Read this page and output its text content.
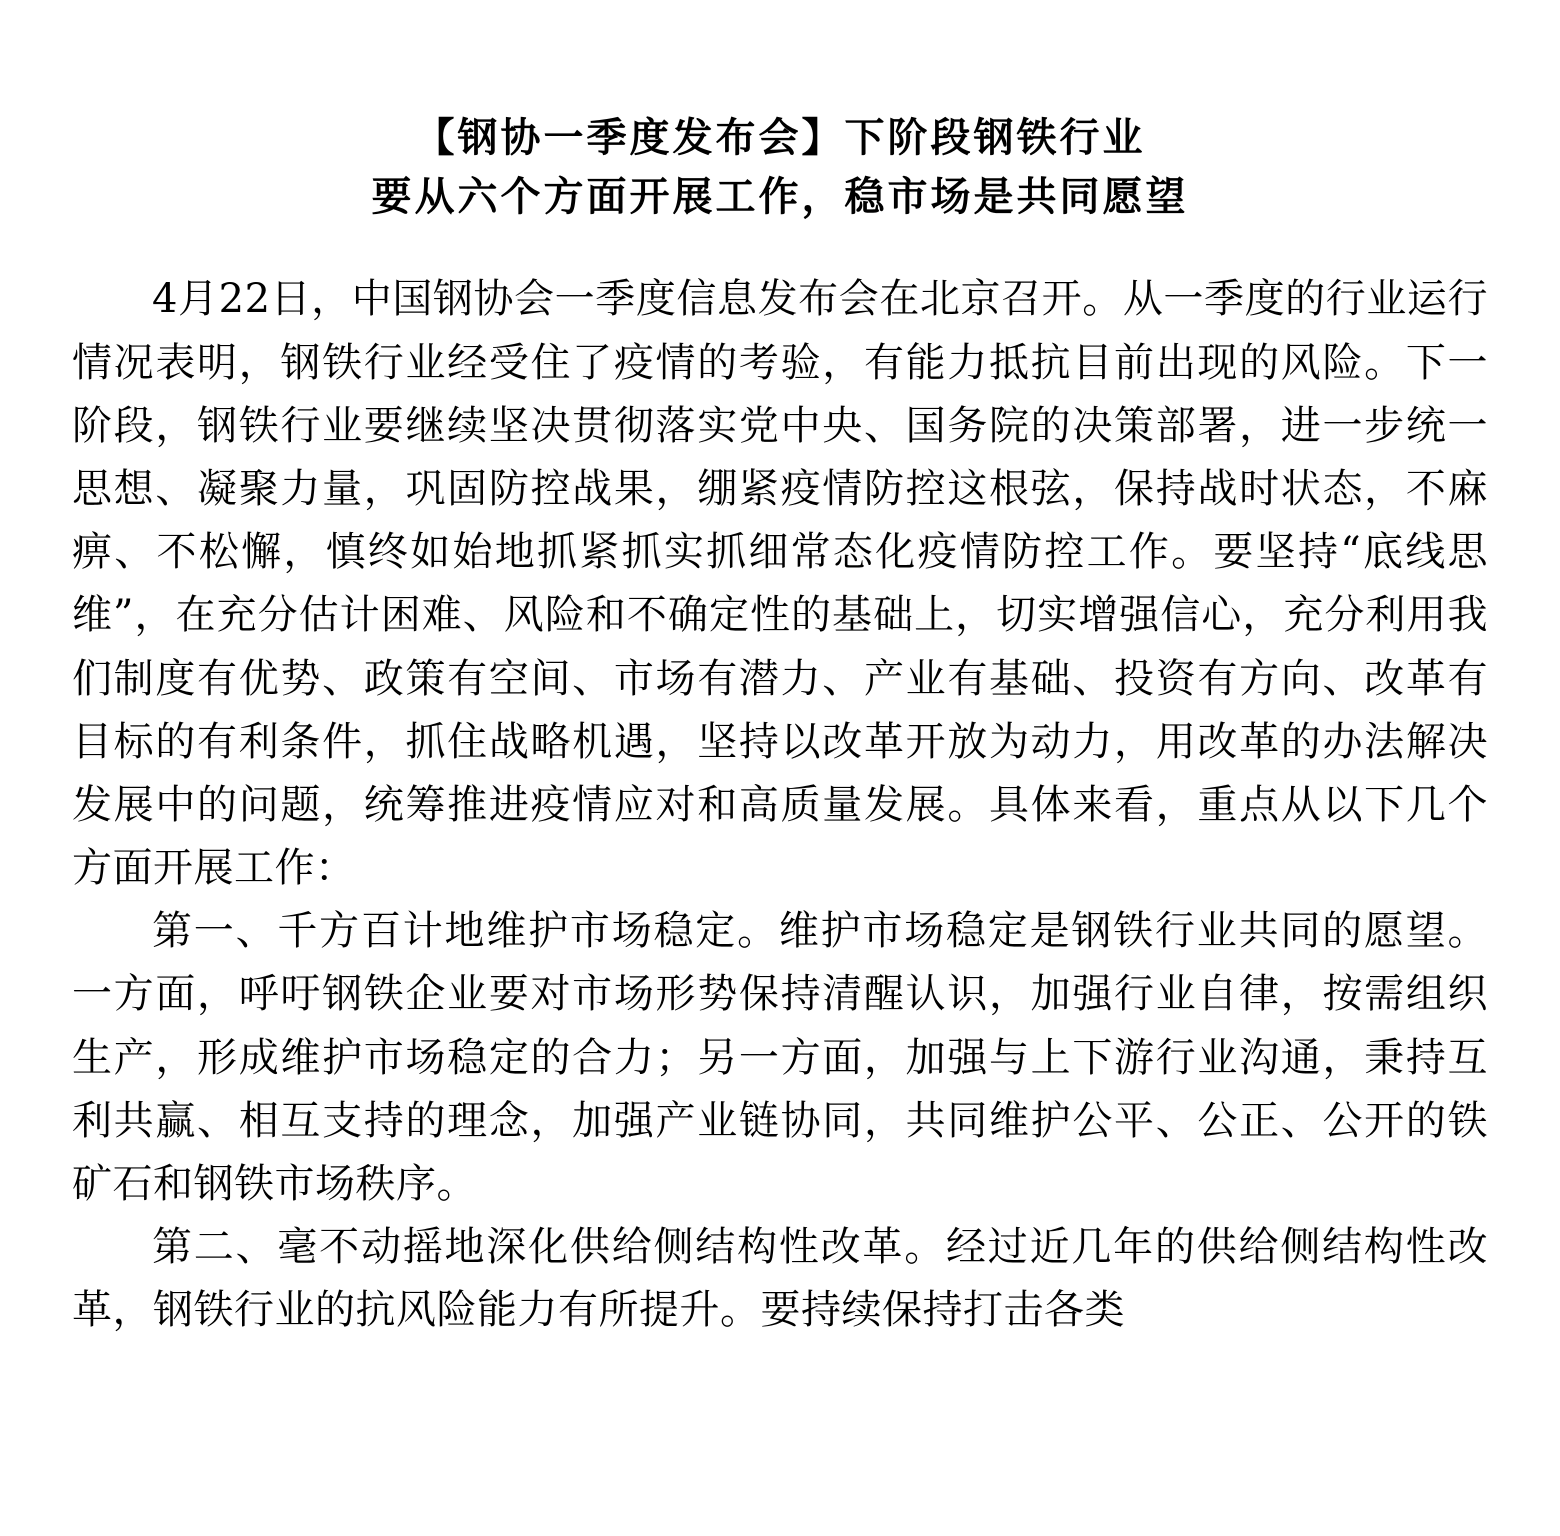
【钢协一季度发布会】下阶段钢铁行业
要从六个方面开展工作，稳市场是共同愿望

4月22日，中国钢协会一季度信息发布会在北京召开。从一季度的行业运行情况表明，钢铁行业经受住了疫情的考验，有能力抵抗目前出现的风险。下一阶段，钢铁行业要继续坚决贯彻落实党中央、国务院的决策部署，进一步统一思想、凝聚力量，巩固防控战果，绷紧疫情防控这根弦，保持战时状态，不麻痹、不松懈，慎终如始地抓紧抓实抓细常态化疫情防控工作。要坚持“底线思维”，在充分估计困难、风险和不确定性的基础上，切实增强信心，充分利用我们制度有优势、政策有空间、市场有潜力、产业有基础、投资有方向、改革有目标的有利条件，抓住战略机遇，坚持以改革开放为动力，用改革的办法解决发展中的问题，统筹推进疫情应对和高质量发展。具体来看，重点从以下几个方面开展工作：

第一、千方百计地维护市场稳定。维护市场稳定是钢铁行业共同的愿望。一方面，呼吁钢铁企业要对市场形势保持清醒认识，加强行业自律，按需组织生产，形成维护市场稳定的合力；另一方面，加强与上下游行业沟通，秉持互利共赢、相互支持的理念，加强产业链协同，共同维护公平、公正、公开的铁矿石和钢铁市场秩序。

第二、毫不动摇地深化供给侧结构性改革。经过近几年的供给侧结构性改革，钢铁行业的抗风险能力有所提升。要持续保持打击各类
